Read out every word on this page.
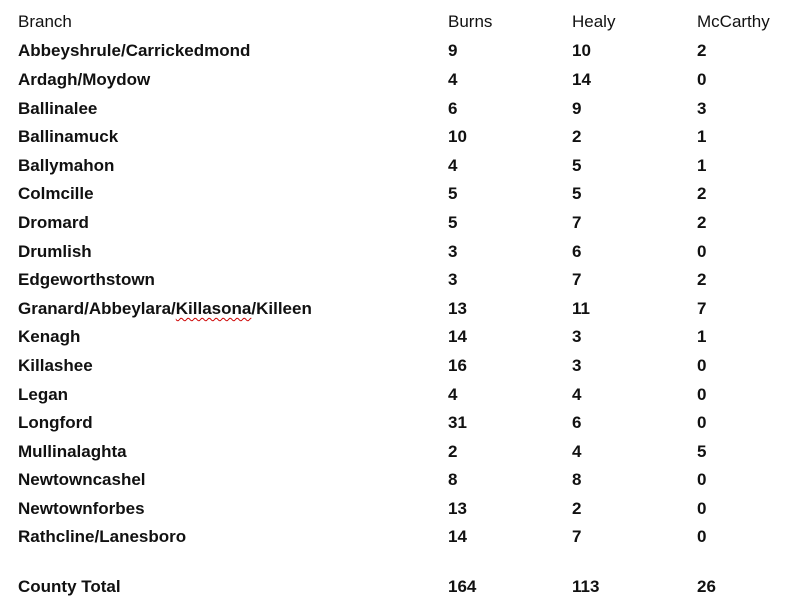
Branch	Burns	Healy	McCarthy
Abbeyshrule/Carrickedmond	9	10	2
Ardagh/Moydow	4	14	0
Ballinalee	6	9	3
Ballinamuck	10	2	1
Ballymahon	4	5	1
Colmcille	5	5	2
Dromard	5	7	2
Drumlish	3	6	0
Edgeworthstown	3	7	2
Granard/Abbeylara/Killasona/Killeen	13	11	7
Kenagh	14	3	1
Killashee	16	3	0
Legan	4	4	0
Longford	31	6	0
Mullinalaghta	2	4	5
Newtowncashel	8	8	0
Newtownforbes	13	2	0
Rathcline/Lanesboro	14	7	0
County Total	164	113	26
